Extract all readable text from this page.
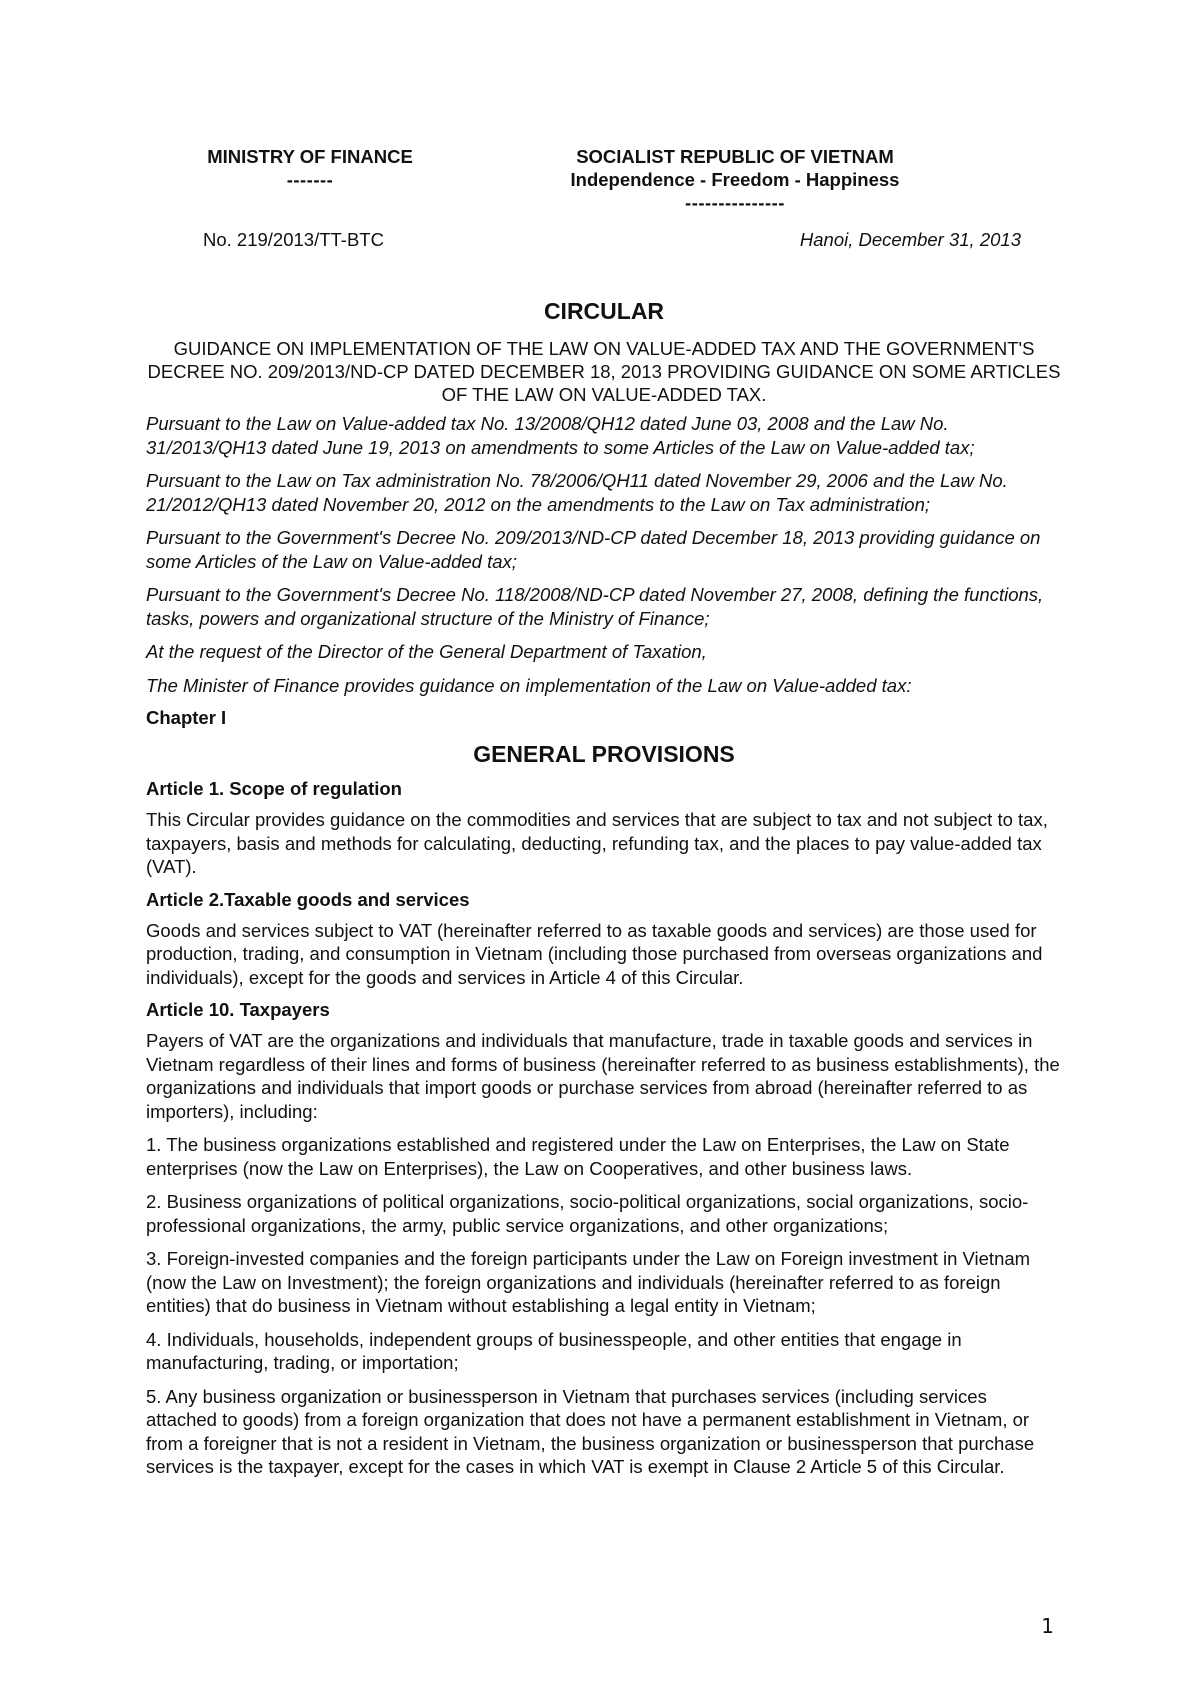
MINISTRY OF FINANCE
-------
SOCIALIST REPUBLIC OF VIETNAM
Independence - Freedom - Happiness
---------------
No. 219/2013/TT-BTC	Hanoi, December 31, 2013
CIRCULAR
GUIDANCE ON IMPLEMENTATION OF THE LAW ON VALUE-ADDED TAX AND THE GOVERNMENT'S DECREE NO. 209/2013/ND-CP DATED DECEMBER 18, 2013 PROVIDING GUIDANCE ON SOME ARTICLES OF THE LAW ON VALUE-ADDED TAX.

Pursuant to the Law on Value-added tax No. 13/2008/QH12 dated June 03, 2008 and the Law No. 31/2013/QH13 dated June 19, 2013 on amendments to some Articles of the Law on Value-added tax;

Pursuant to the Law on Tax administration No. 78/2006/QH11 dated November 29, 2006 and the Law No. 21/2012/QH13 dated November 20, 2012 on the amendments to the Law on Tax administration;

Pursuant to the Government's Decree No. 209/2013/ND-CP dated December 18, 2013 providing guidance on some Articles of the Law on Value-added tax;

Pursuant to the Government's Decree No. 118/2008/ND-CP dated November 27, 2008, defining the functions, tasks, powers and organizational structure of the Ministry of Finance;

At the request of the Director of the General Department of Taxation,

The Minister of Finance provides guidance on implementation of the Law on Value-added tax:

Chapter I
GENERAL PROVISIONS
Article 1. Scope of regulation

This Circular provides guidance on the commodities and services that are subject to tax and not subject to tax, taxpayers, basis and methods for calculating, deducting, refunding tax, and the places to pay value-added tax (VAT).

Article 2.Taxable goods and services

Goods and services subject to VAT (hereinafter referred to as taxable goods and services) are those used for production, trading, and consumption in Vietnam (including those purchased from overseas organizations and individuals), except for the goods and services in Article 4 of this Circular.

Article 10. Taxpayers

Payers of VAT are the organizations and individuals that manufacture, trade in taxable goods and services in Vietnam regardless of their lines and forms of business (hereinafter referred to as business establishments), the organizations and individuals that import goods or purchase services from abroad (hereinafter referred to as importers), including:

1. The business organizations established and registered under the Law on Enterprises, the Law on State enterprises (now the Law on Enterprises), the Law on Cooperatives, and other business laws.

2. Business organizations of political organizations, socio-political organizations, social organizations, socio-professional organizations, the army, public service organizations, and other organizations;

3. Foreign-invested companies and the foreign participants under the Law on Foreign investment in Vietnam (now the Law on Investment); the foreign organizations and individuals (hereinafter referred to as foreign entities) that do business in Vietnam without establishing a legal entity in Vietnam;

4. Individuals, households, independent groups of businesspeople, and other entities that engage in manufacturing, trading, or importation;

5. Any business organization or businessperson in Vietnam that purchases services (including services attached to goods) from a foreign organization that does not have a permanent establishment in Vietnam, or from a foreigner that is not a resident in Vietnam, the business organization or businessperson that purchase services is the taxpayer, except for the cases in which VAT is exempt in Clause 2 Article 5 of this Circular.

1
